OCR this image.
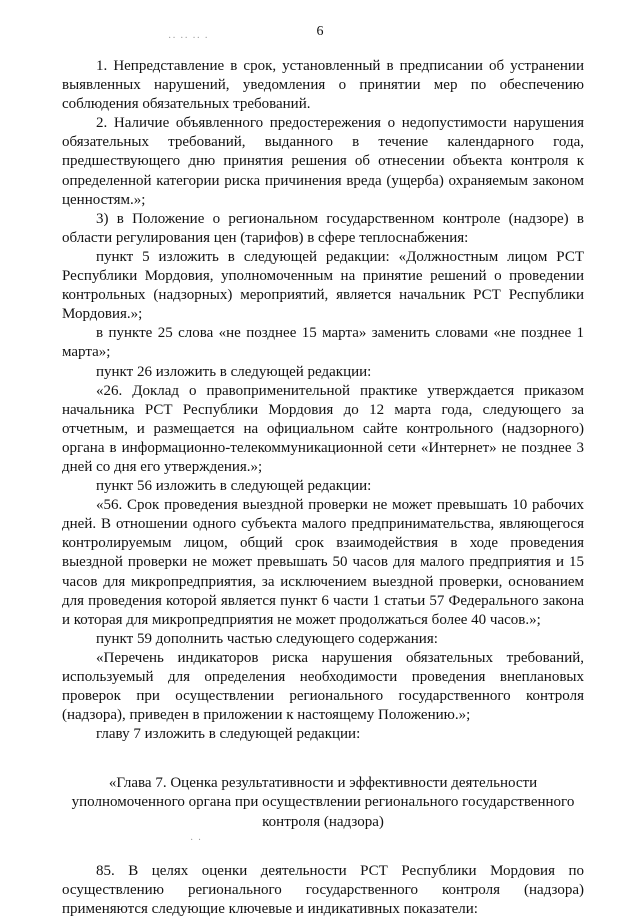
6
·· ·· ·· ·

1. Непредставление в срок, установленный в предписании об устранении выявленных нарушений, уведомления о принятии мер по обеспечению соблюдения обязательных требований.

2. Наличие объявленного предостережения о недопустимости нарушения обязательных требований, выданного в течение календарного года, предшествующего дню принятия решения об отнесении объекта контроля к определенной категории риска причинения вреда (ущерба) охраняемым законом ценностям.»;

3) в Положение о региональном государственном контроле (надзоре) в области регулирования цен (тарифов) в сфере теплоснабжения:

пункт 5 изложить в следующей редакции: «Должностным лицом РСТ Республики Мордовия, уполномоченным на принятие решений о проведении контрольных (надзорных) мероприятий, является начальник РСТ Республики Мордовия.»;

в пункте 25 слова «не позднее 15 марта» заменить словами «не позднее 1 марта»;

пункт 26 изложить в следующей редакции:

«26. Доклад о правоприменительной практике утверждается приказом начальника РСТ Республики Мордовия до 12 марта года, следующего за отчетным, и размещается на официальном сайте контрольного (надзорного) органа в информационно-телекоммуникационной сети «Интернет» не позднее 3 дней со дня его утверждения.»;

пункт 56 изложить в следующей редакции:

«56. Срок проведения выездной проверки не может превышать 10 рабочих дней. В отношении одного субъекта малого предпринимательства, являющегося контролируемым лицом, общий срок взаимодействия в ходе проведения выездной проверки не может превышать 50 часов для малого предприятия и 15 часов для микропредприятия, за исключением выездной проверки, основанием для проведения которой является пункт 6 части 1 статьи 57 Федерального закона и которая для микропредприятия не может продолжаться более 40 часов.»;

пункт 59 дополнить частью следующего содержания:

«Перечень индикаторов риска нарушения обязательных требований, используемый для определения необходимости проведения внеплановых проверок при осуществлении регионального государственного контроля (надзора), приведен в приложении к настоящему Положению.»;

главу 7 изложить в следующей редакции:

«Глава 7. Оценка результативности и эффективности деятельности уполномоченного органа при осуществлении регионального государственного контроля (надзора)

85. В целях оценки деятельности РСТ Республики Мордовия по осуществлению регионального государственного контроля (надзора) применяются следующие ключевые и индикативных показатели:

· ·
